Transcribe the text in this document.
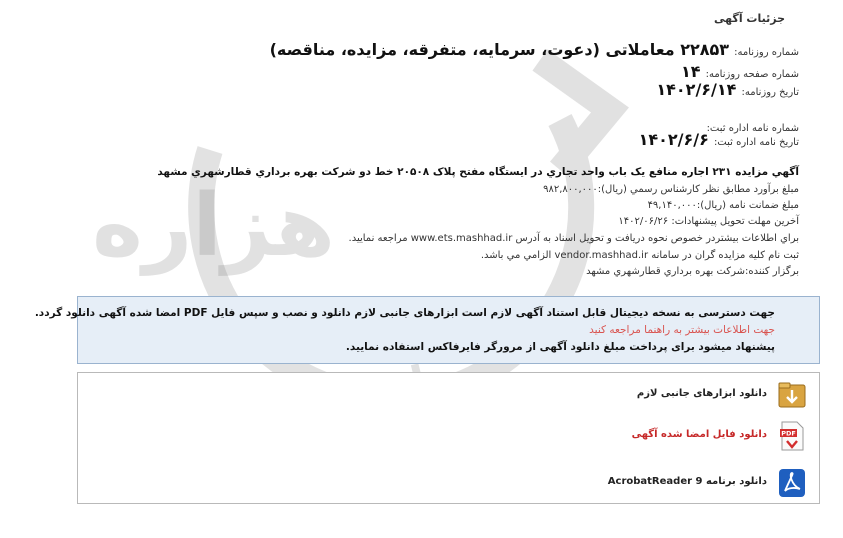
هزاره
جزئیات آگهی
شماره روزنامه: ۲۲۸۵۳ معاملاتی (دعوت، سرمایه، متفرقه، مزایده، مناقصه)
شماره صفحه روزنامه: ۱۴
تاریخ روزنامه: ۱۴۰۲/۶/۱۴
شماره نامه اداره ثبت:
تاریخ نامه اداره ثبت: ۱۴۰۲/۶/۶
آگهي مزايده ۲۳۱ اجاره منافع یک باب واحد تجاري در ایستگاه مفتح پلاک ۲۰۵۰۸ خط دو شرکت بهره برداري قطارشهري مشهد
مبلغ برآورد مطابق نظر کارشناس رسمي (ريال):۹۸۲,۸۰۰,۰۰۰
مبلغ ضمانت نامه (ريال):۴۹,۱۴۰,۰۰۰
آخرين مهلت تحويل پيشنهادات: ۱۴۰۲/۰۶/۲۶
براي اطلاعات بيشتردر خصوص نحوه دريافت و تحويل اسناد به آدرس www.ets.mashhad.ir مراجعه نمايید.
ثبت نام کلیه مزایده گران در سامانه vendor.mashhad.ir الزامي مي باشد.
برگزار کننده:شرکت بهره برداري قطارشهري مشهد
جهت دسترسی به نسخه دیجیتال قابل استناد آگهی لازم است ابزارهای جانبی لازم دانلود و نصب و سپس فایل PDF امضا شده آگهی دانلود گردد.
جهت اطلاعات بیشتر به راهنما مراجعه کنید
پیشنهاد میشود برای پرداخت مبلغ دانلود آگهی از مرورگر فایرفاکس استفاده نمایید.
دانلود ابزارهای جانبی لازم
PDF
دانلود فایل امضا شده آگهی
دانلود برنامه AcrobatReader 9
